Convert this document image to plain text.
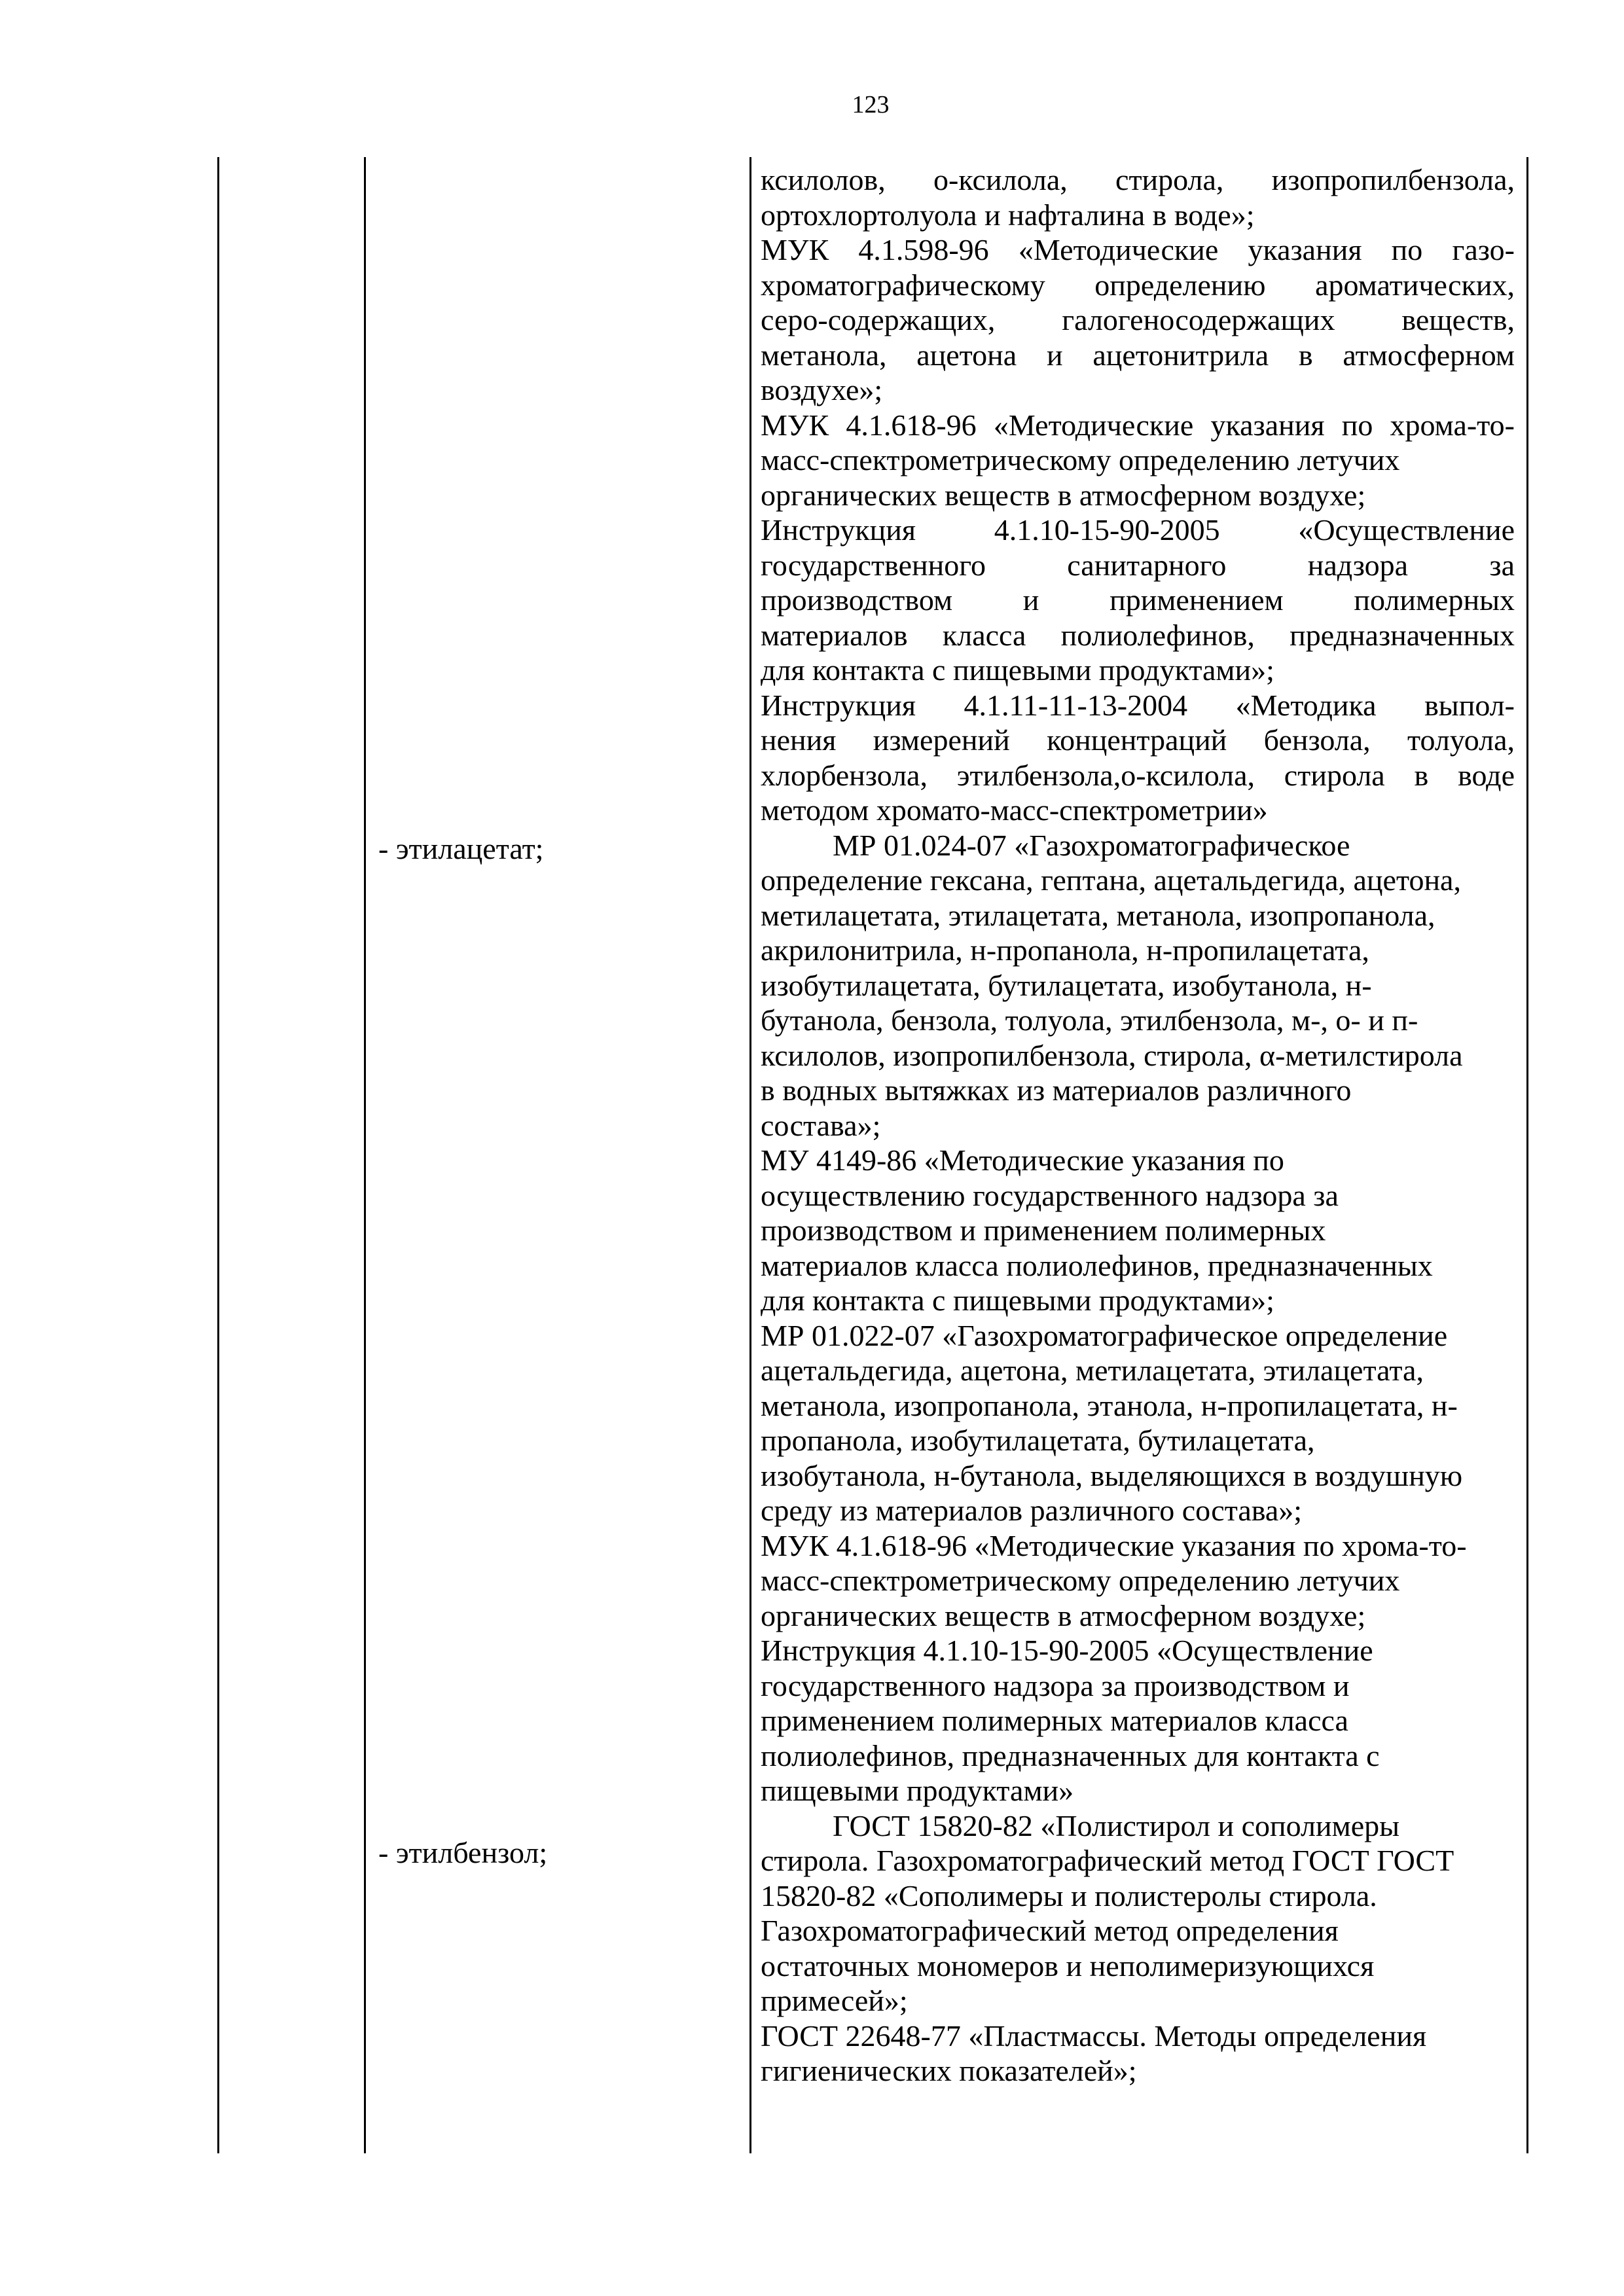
123
- этилацетат;
- этилбензол;

ксилолов, о-ксилола, стирола, изопропилбензола,

ортохлортолуола и нафталина в воде»;

МУК 4.1.598-96 «Методические указания по газо-

хроматографическому определению ароматических,

серо-содержащих, галогеносодержащих веществ,

метанола, ацетона и ацетонитрила в атмосферном

воздухе»;

МУК 4.1.618-96 «Методические указания по хрома-то-

масс-спектрометрическому определению летучих

органических веществ в атмосферном воздухе;

Инструкция 4.1.10-15-90-2005 «Осуществление

государственного санитарного надзора за

производством и применением полимерных

материалов класса полиолефинов, предназначенных

для контакта с пищевыми продуктами»;

Инструкция 4.1.11-11-13-2004 «Методика выпол-

нения измерений концентраций бензола, толуола,

хлорбензола, этилбензола,о-ксилола, стирола в воде

методом хромато-масс-спектрометрии»

МР 01.024-07 «Газохроматографическое

определение гексана, гептана, ацетальдегида, ацетона,

метилацетата, этилацетата, метанола, изопропанола,

акрилонитрила, н-пропанола, н-пропилацетата,

изобутилацетата, бутилацетата, изобутанола, н-

бутанола, бензола, толуола, этилбензола, м-, о- и п-

ксилолов, изопропилбензола, стирола, α-метилстирола

в водных вытяжках из материалов различного

состава»;

МУ 4149-86 «Методические указания по

осуществлению государственного надзора за

производством и применением полимерных

материалов класса полиолефинов, предназначенных

для контакта с пищевыми продуктами»;

МР 01.022-07 «Газохроматографическое определение

ацетальдегида, ацетона, метилацетата, этилацетата,

метанола, изопропанола, этанола, н-пропилацетата, н-

пропанола, изобутилацетата, бутилацетата,

изобутанола, н-бутанола, выделяющихся в воздушную

среду из материалов различного состава»;

МУК 4.1.618-96 «Методические указания по хрома-то-

масс-спектрометрическому определению летучих

органических веществ в атмосферном воздухе;

Инструкция 4.1.10-15-90-2005 «Осуществление

государственного надзора за производством и

применением полимерных материалов класса

полиолефинов, предназначенных для контакта с

пищевыми продуктами»

ГОСТ 15820-82 «Полистирол и сополимеры

стирола. Газохроматографический метод ГОСТ ГОСТ

15820-82 «Сополимеры и полистеролы стирола.

Газохроматографический метод определения

остаточных мономеров и неполимеризующихся

примесей»;

ГОСТ 22648-77 «Пластмассы. Методы определения

гигиенических показателей»;
